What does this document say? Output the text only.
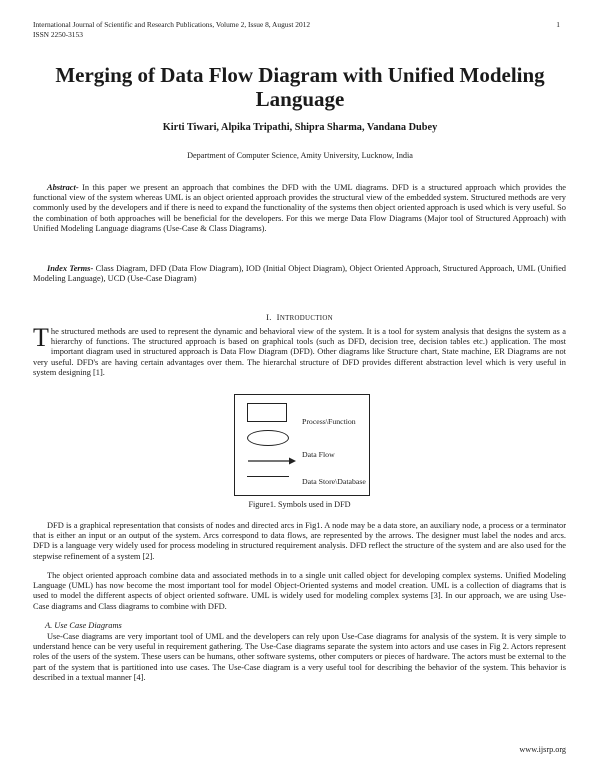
International Journal of Scientific and Research Publications, Volume 2, Issue 8, August 2012
ISSN 2250-3153
1
Merging of Data Flow Diagram with Unified Modeling Language
Kirti Tiwari, Alpika Tripathi, Shipra Sharma, Vandana Dubey
Department of Computer Science, Amity University, Lucknow, India

Abstract- In this paper we present an approach that combines the DFD with the UML diagrams. DFD is a structured approach which provides the functional view of the system whereas UML is an object oriented approach provides the structural view of the embedded system. Structured methods are very commonly used by the developers and if there is need to expand the functionality of the systems then object oriented approach is used which is very useful. So the combination of both approaches will be beneficial for the developers. For this we merge Data Flow Diagrams (Major tool of Structured Approach) with Unified Modeling Language diagrams (Use-Case & Class Diagrams).

Index Terms- Class Diagram, DFD (Data Flow Diagram), IOD (Initial Object Diagram), Object Oriented Approach, Structured Approach, UML (Unified Modeling Language), UCD (Use-Case Diagram)

I. INTRODUCTION

The structured methods are used to represent the dynamic and behavioral view of the system. It is a tool for system analysis that designs the system as a hierarchy of functions. The structured approach is based on graphical tools (such as DFD, decision tree, decision tables etc.) application. The most important diagram used in structured approach is Data Flow Diagram (DFD). Other diagrams like Structure chart, State machine, ER Diagrams are not very useful. DFD's are having certain advantages over them. The hierarchal structure of DFD provides different abstraction level which is very useful in system designing [1].

Process\Function
Data Flow
Data Store\Database
Figure1. Symbols used in DFD

DFD is a graphical representation that consists of nodes and directed arcs in Fig1. A node may be a data store, an auxiliary node, a process or a terminator that is either an input or an output of the system. Arcs correspond to data flows, are represented by the arrows. The designer must label the nodes and arcs. DFD is a language very widely used for process modeling in structured requirement analysis. DFD reflect the structure of the system and are also used for the stepwise refinement of a system [2].

The object oriented approach combine data and associated methods in to a single unit called object for developing complex systems. Unified Modeling Language (UML) has now become the most important tool for model Object-Oriented systems and model creation. UML is a collection of diagrams that is used to model the different aspects of object oriented software. UML is widely used for modeling complex systems [3]. In our approach, we are using Use-Case diagrams and Class diagrams to combine with DFD.

A. Use Case Diagrams

Use-Case diagrams are very important tool of UML and the developers can rely upon Use-Case diagrams for analysis of the system. It is very simple to understand hence can be very useful in requirement gathering. The Use-Case diagrams separate the system into actors and use cases in Fig 2. Actors represent roles of the users of the system. These users can be humans, other software systems, other computers or pieces of hardware. The actors must be external to the part of the system that is partitioned into use cases. The Use-Case diagram is a very useful tool for describing the behavior of the system. This behavior is described in a textual manner [4].

www.ijsrp.org
